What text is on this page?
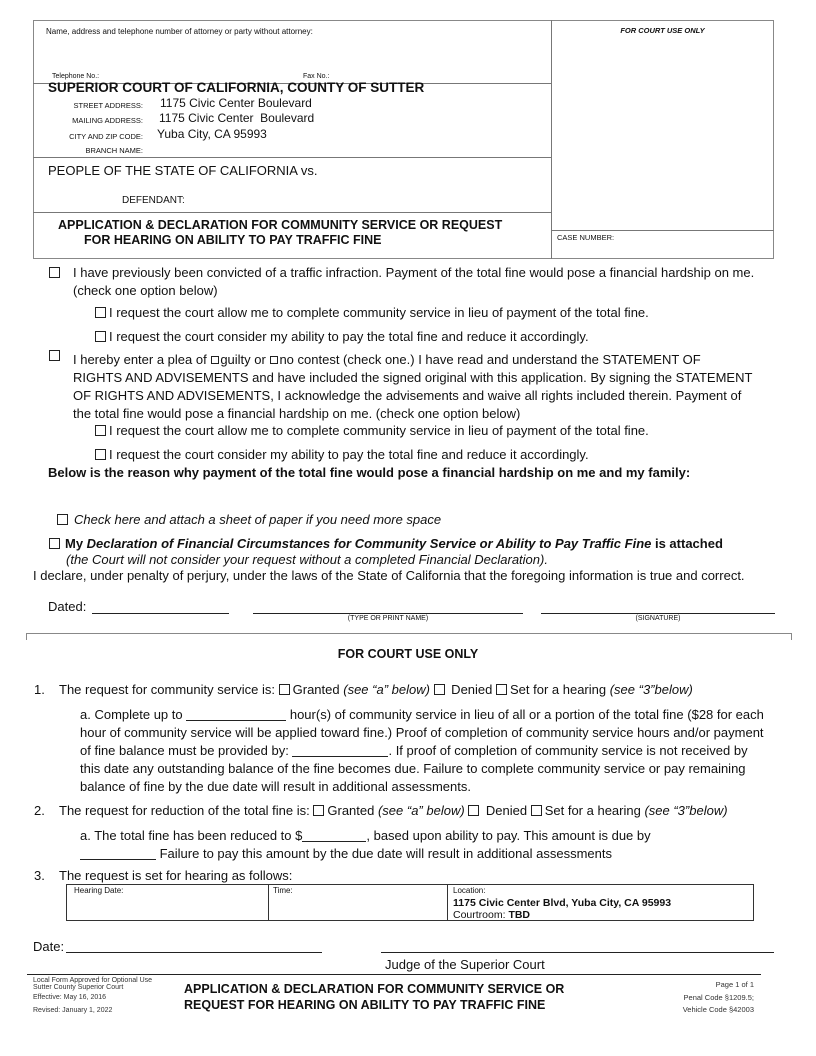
Name, address and telephone number of attorney or party without attorney:
Telephone No.:	Fax No.:
FOR COURT USE ONLY
SUPERIOR COURT OF CALIFORNIA, COUNTY OF SUTTER
STREET ADDRESS: 1175 Civic Center Boulevard
MAILING ADDRESS: 1175 Civic Center  Boulevard
CITY AND ZIP CODE: Yuba City, CA 95993
BRANCH NAME:
PEOPLE OF THE STATE OF CALIFORNIA vs.
DEFENDANT:
APPLICATION & DECLARATION FOR COMMUNITY SERVICE OR REQUEST
FOR HEARING ON ABILITY TO PAY TRAFFIC FINE	CASE NUMBER:
I have previously been convicted of a traffic infraction. Payment of the total fine would pose a financial hardship on me. (check one option below)
I request the court allow me to complete community service in lieu of payment of the total fine.
I request the court consider my ability to pay the total fine and reduce it accordingly.
I hereby enter a plea of guilty or no contest (check one.) I have read and understand the STATEMENT OF RIGHTS AND ADVISEMENTS and have included the signed original with this application. By signing the STATEMENT OF RIGHTS AND ADVISEMENTS, I acknowledge the advisements and waive all rights included therein. Payment of the total fine would pose a financial hardship on me. (check one option below)
I request the court allow me to complete community service in lieu of payment of the total fine.
I request the court consider my ability to pay the total fine and reduce it accordingly.
Below is the reason why payment of the total fine would pose a financial hardship on me and my family:
Check here and attach a sheet of paper if you need more space
My Declaration of Financial Circumstances for Community Service or Ability to Pay Traffic Fine is attached
(the Court will not consider your request without a completed Financial Declaration).
I declare, under penalty of perjury, under the laws of the State of California that the foregoing information is true and correct.
Dated:
(TYPE OR PRINT NAME)	(SIGNATURE)
FOR COURT USE ONLY
1. The request for community service is: Granted (see “a” below)  Denied Set for a hearing (see “3”below)
a. Complete up to	hour(s) of community service in lieu of all or a portion of the total fine ($28 for each hour of community service will be applied toward fine.) Proof of completion of community service hours and/or payment of fine balance must be provided by:	. If proof of completion of community service is not received by this date any outstanding balance of the fine becomes due. Failure to complete community service or pay remaining balance of fine by the due date will result in additional assessments.
2. The request for reduction of the total fine is: Granted (see “a” below)  Denied Set for a hearing (see “3”below)
a. The total fine has been reduced to $	, based upon ability to pay. This amount is due by
Failure to pay this amount by the due date will result in additional assessments
3. The request is set for hearing as follows:
Hearing Date:	Time:	Location:
1175 Civic Center Blvd, Yuba City, CA 95993
Courtroom: TBD
Date:
Judge of the Superior Court
Local Form Approved for Optional Use
Sutter County Superior Court
Effective: May 16, 2016
Revised: January 1, 2022
APPLICATION & DECLARATION FOR COMMUNITY SERVICE OR
REQUEST FOR HEARING ON ABILITY TO PAY TRAFFIC FINE
Page 1 of 1
Penal Code §1209.5;
Vehicle Code §42003
